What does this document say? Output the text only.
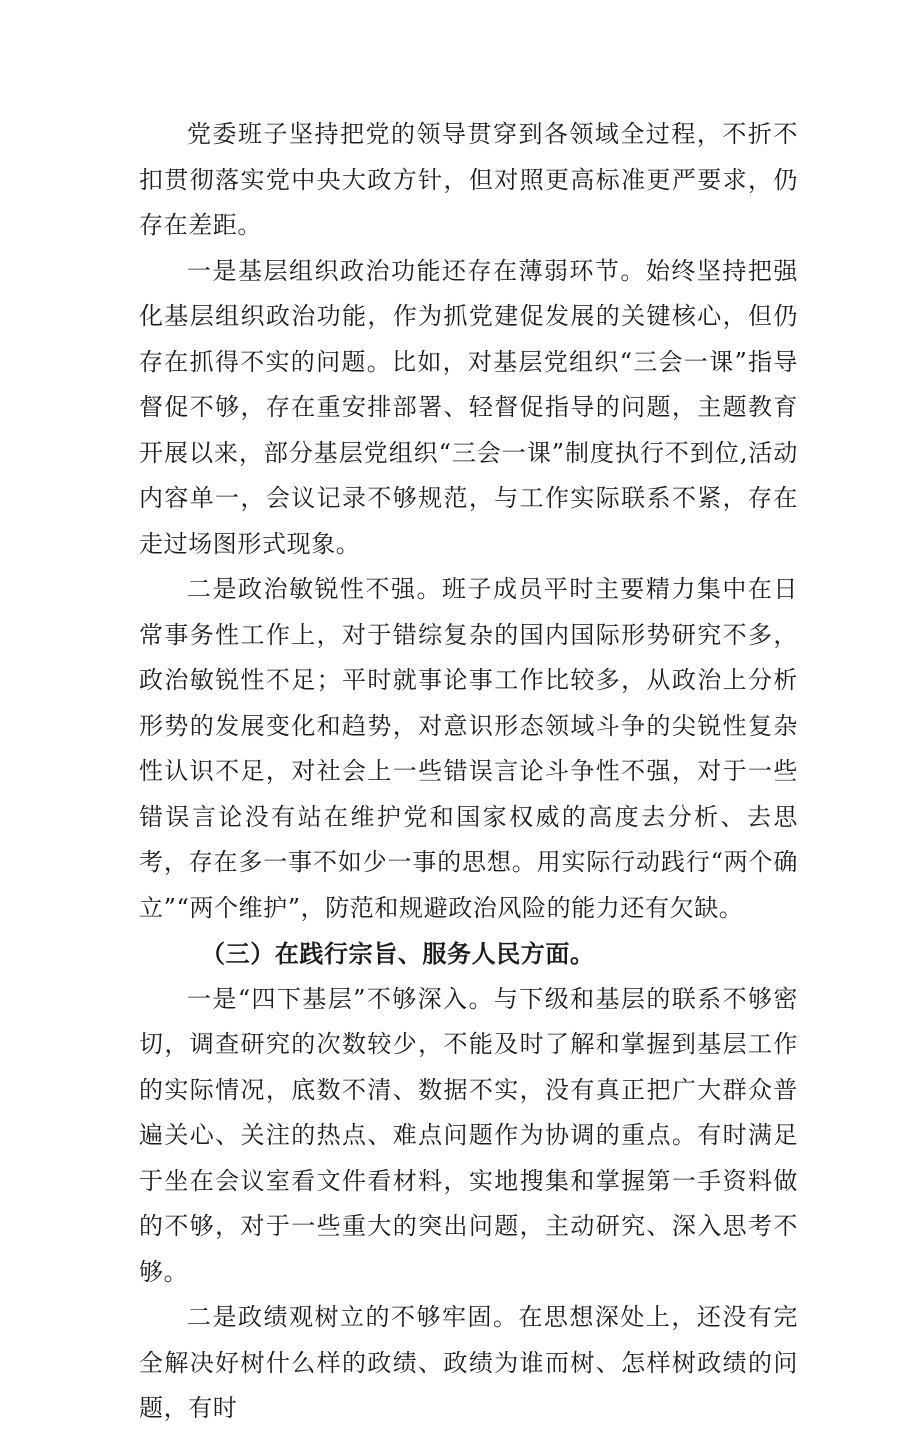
党委班子坚持把党的领导贯穿到各领域全过程，不折不扣贯彻落实党中央大政方针，但对照更高标准更严要求，仍存在差距。

一是基层组织政治功能还存在薄弱环节。始终坚持把强化基层组织政治功能，作为抓党建促发展的关键核心，但仍存在抓得不实的问题。比如，对基层党组织“三会一课”指导督促不够，存在重安排部署、轻督促指导的问题，主题教育开展以来，部分基层党组织“三会一课”制度执行不到位,活动内容单一，会议记录不够规范，与工作实际联系不紧，存在走过场图形式现象。

二是政治敏锐性不强。班子成员平时主要精力集中在日常事务性工作上，对于错综复杂的国内国际形势研究不多，政治敏锐性不足；平时就事论事工作比较多，从政治上分析形势的发展变化和趋势，对意识形态领域斗争的尖锐性复杂性认识不足，对社会上一些错误言论斗争性不强，对于一些错误言论没有站在维护党和国家权威的高度去分析、去思考，存在多一事不如少一事的思想。用实际行动践行“两个确立”“两个维护”，防范和规避政治风险的能力还有欠缺。

（三）在践行宗旨、服务人民方面。

一是“四下基层”不够深入。与下级和基层的联系不够密切，调查研究的次数较少，不能及时了解和掌握到基层工作的实际情况，底数不清、数据不实，没有真正把广大群众普遍关心、关注的热点、难点问题作为协调的重点。有时满足于坐在会议室看文件看材料，实地搜集和掌握第一手资料做的不够，对于一些重大的突出问题，主动研究、深入思考不够。

二是政绩观树立的不够牢固。在思想深处上，还没有完全解决好树什么样的政绩、政绩为谁而树、怎样树政绩的问题，有时
